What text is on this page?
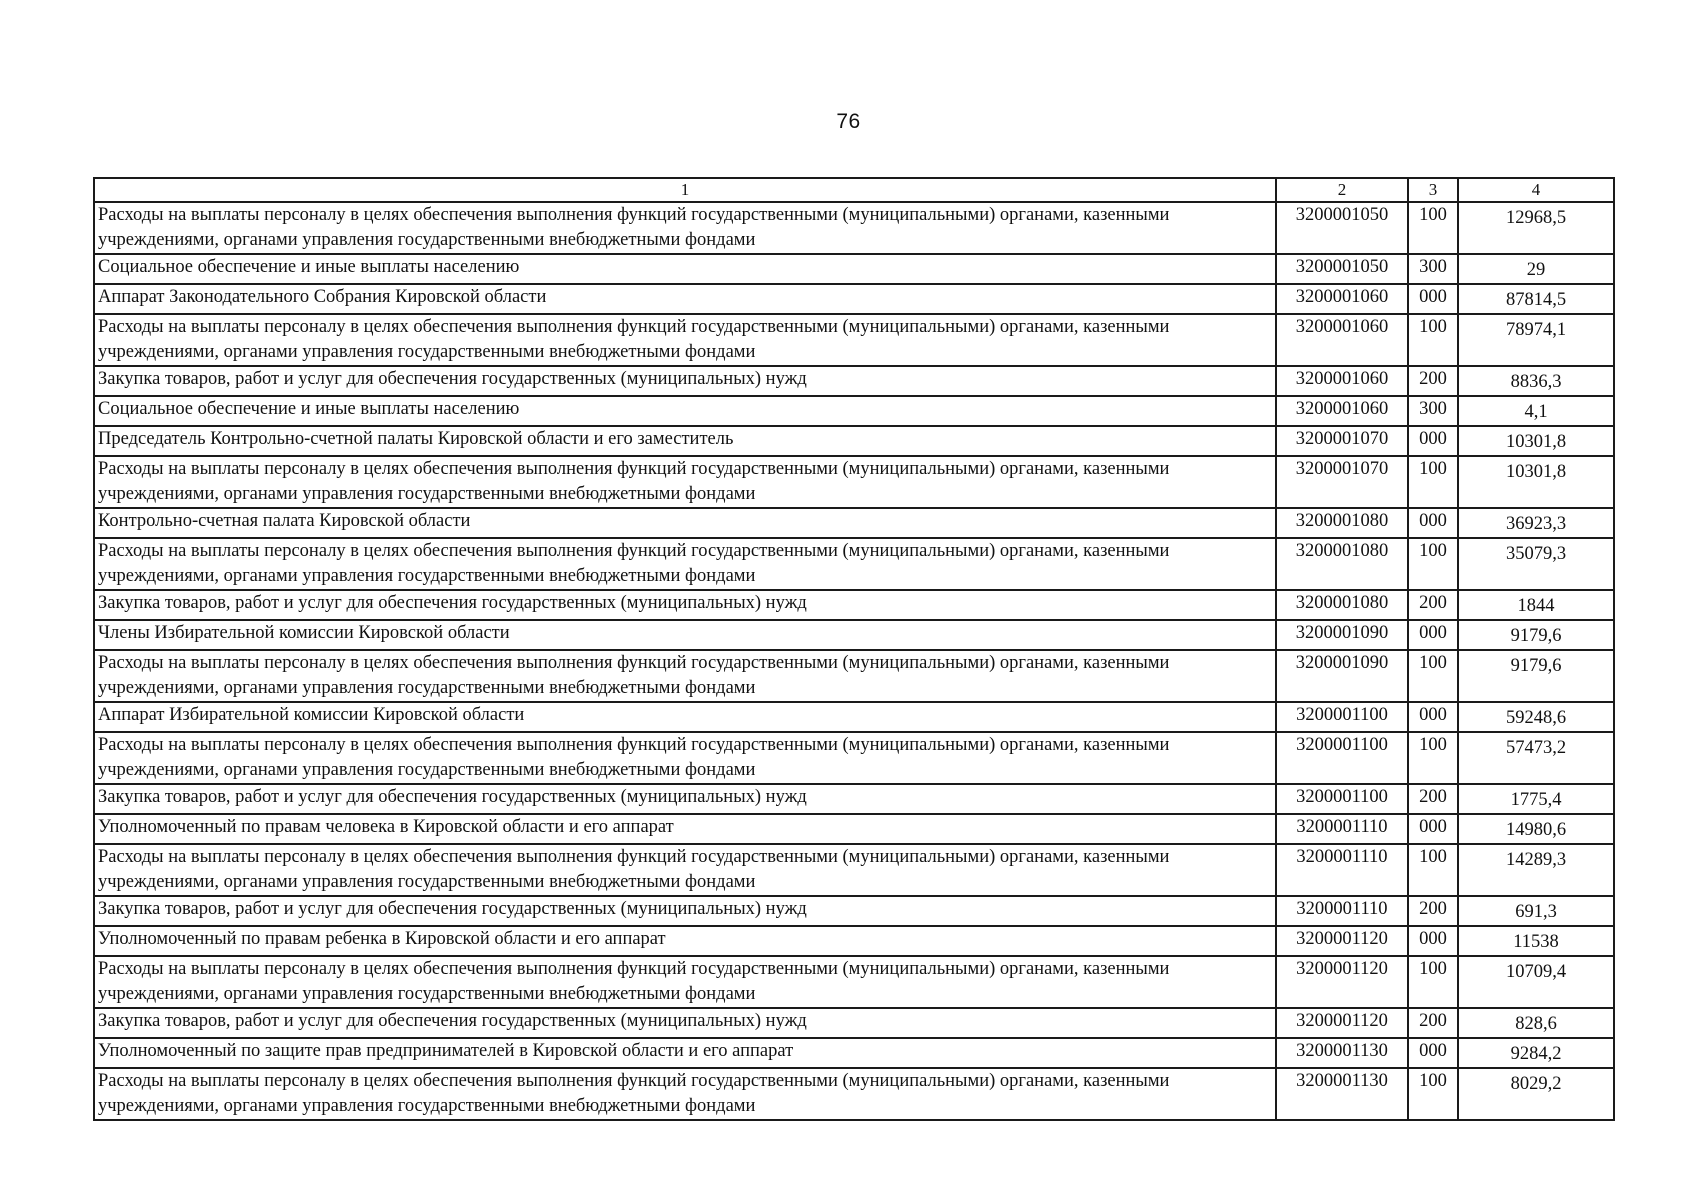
76
1	2	3	4
Расходы на выплаты персоналу в целях обеспечения выполнения функций государственными (муниципальными) органами, казенными учреждениями, органами управления государственными внебюджетными фондами	3200001050	100	12968,5
Социальное обеспечение и иные выплаты населению	3200001050	300	29
Аппарат Законодательного Собрания Кировской области	3200001060	000	87814,5
Расходы на выплаты персоналу в целях обеспечения выполнения функций государственными (муниципальными) органами, казенными учреждениями, органами управления государственными внебюджетными фондами	3200001060	100	78974,1
Закупка товаров, работ и услуг для обеспечения государственных (муниципальных) нужд	3200001060	200	8836,3
Социальное обеспечение и иные выплаты населению	3200001060	300	4,1
Председатель Контрольно-счетной палаты Кировской области и его заместитель	3200001070	000	10301,8
Расходы на выплаты персоналу в целях обеспечения выполнения функций государственными (муниципальными) органами, казенными учреждениями, органами управления государственными внебюджетными фондами	3200001070	100	10301,8
Контрольно-счетная палата Кировской области	3200001080	000	36923,3
Расходы на выплаты персоналу в целях обеспечения выполнения функций государственными (муниципальными) органами, казенными учреждениями, органами управления государственными внебюджетными фондами	3200001080	100	35079,3
Закупка товаров, работ и услуг для обеспечения государственных (муниципальных) нужд	3200001080	200	1844
Члены Избирательной комиссии Кировской области	3200001090	000	9179,6
Расходы на выплаты персоналу в целях обеспечения выполнения функций государственными (муниципальными) органами, казенными учреждениями, органами управления государственными внебюджетными фондами	3200001090	100	9179,6
Аппарат Избирательной комиссии Кировской области	3200001100	000	59248,6
Расходы на выплаты персоналу в целях обеспечения выполнения функций государственными (муниципальными) органами, казенными учреждениями, органами управления государственными внебюджетными фондами	3200001100	100	57473,2
Закупка товаров, работ и услуг для обеспечения государственных (муниципальных) нужд	3200001100	200	1775,4
Уполномоченный по правам человека в Кировской области и его аппарат	3200001110	000	14980,6
Расходы на выплаты персоналу в целях обеспечения выполнения функций государственными (муниципальными) органами, казенными учреждениями, органами управления государственными внебюджетными фондами	3200001110	100	14289,3
Закупка товаров, работ и услуг для обеспечения государственных (муниципальных) нужд	3200001110	200	691,3
Уполномоченный по правам ребенка в Кировской области и его аппарат	3200001120	000	11538
Расходы на выплаты персоналу в целях обеспечения выполнения функций государственными (муниципальными) органами, казенными учреждениями, органами управления государственными внебюджетными фондами	3200001120	100	10709,4
Закупка товаров, работ и услуг для обеспечения государственных (муниципальных) нужд	3200001120	200	828,6
Уполномоченный по защите прав предпринимателей в Кировской области и его аппарат	3200001130	000	9284,2
Расходы на выплаты персоналу в целях обеспечения выполнения функций государственными (муниципальными) органами, казенными учреждениями, органами управления государственными внебюджетными фондами	3200001130	100	8029,2
